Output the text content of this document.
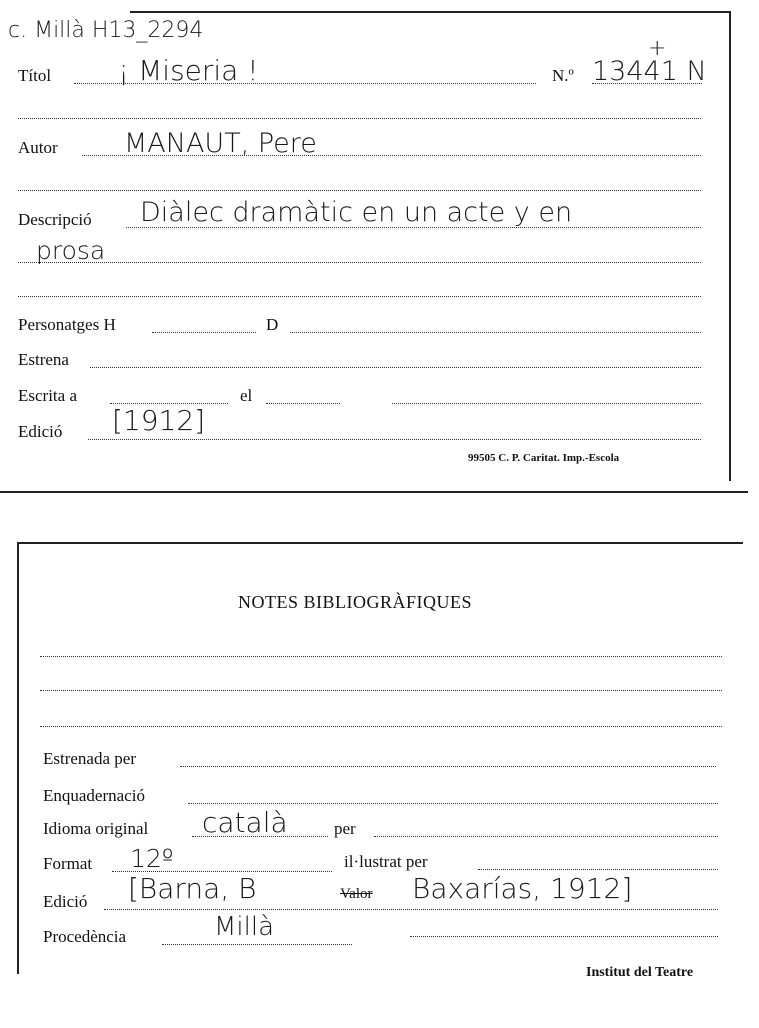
c. Millà H13_2294
Títol ¡ Miseria !	N.º 13441 N
+
Autor MANAUT, Pere
Descripció Diàlec dramàtic en un acte y en
prosa
Personatges H	D
Estrena
Escrita a	el
Edició [1912]
99505 C. P. Caritat. Imp.-Escola
NOTES BIBLIOGRÀFIQUES
Estrenada per
Enquadernació
Idioma original català	per
Format 12º	il·lustrat per
Edició [Barna, B	Valor Baxarías, 1912]
Procedència	Millà
Institut del Teatre
